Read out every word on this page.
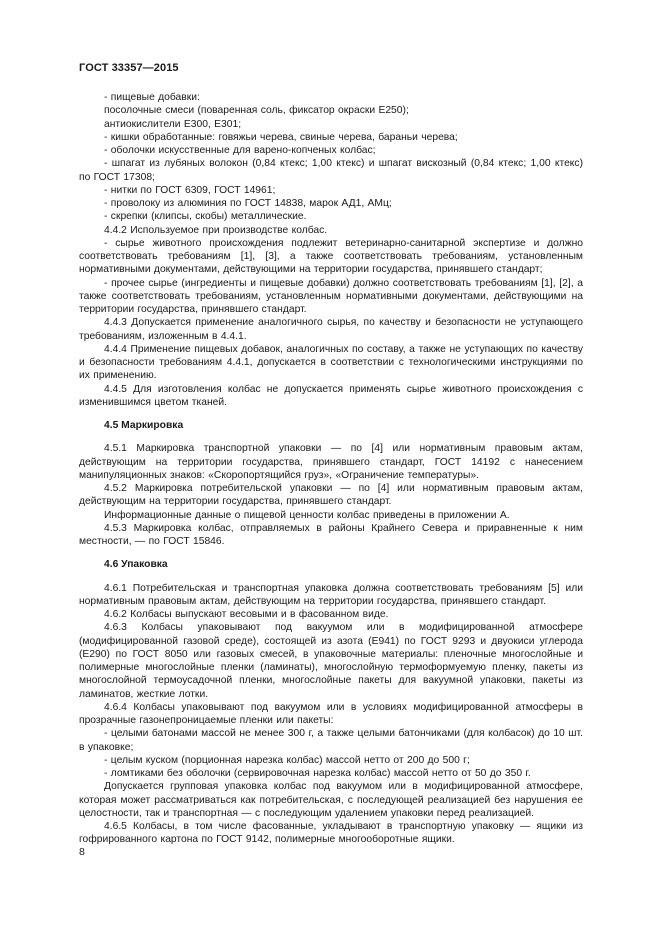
ГОСТ 33357—2015

- пищевые добавки:

посолочные смеси (поваренная соль, фиксатор окраски Е250);

антиокислители Е300, Е301;

- кишки обработанные: говяжьи черева, свиные черева, бараньи черева;

- оболочки искусственные для варено-копченых колбас;

- шпагат из лубяных волокон (0,84 ктекс; 1,00 ктекс) и шпагат вискозный (0,84 ктекс; 1,00 ктекс) по ГОСТ 17308;

- нитки по ГОСТ 6309, ГОСТ 14961;

- проволоку из алюминия по ГОСТ 14838, марок АД1, АМц;

- скрепки (клипсы, скобы) металлические.

4.4.2 Используемое при производстве колбас.

- сырье животного происхождения подлежит ветеринарно-санитарной экспертизе и должно соответствовать требованиям [1], [3], а также соответствовать требованиям, установленным нормативными документами, действующими на территории государства, принявшего стандарт;

- прочее сырье (ингредиенты и пищевые добавки) должно соответствовать требованиям [1], [2], а также соответствовать требованиям, установленным нормативными документами, действующими на территории государства, принявшего стандарт.

4.4.3 Допускается применение аналогичного сырья, по качеству и безопасности не уступающего требованиям, изложенным в 4.4.1.

4.4.4 Применение пищевых добавок, аналогичных по составу, а также не уступающих по качеству и безопасности требованиям 4.4.1, допускается в соответствии с технологическими инструкциями по их применению.

4.4.5 Для изготовления колбас не допускается применять сырье животного происхождения с изменившимся цветом тканей.

4.5 Маркировка

4.5.1 Маркировка транспортной упаковки — по [4] или нормативным правовым актам, действующим на территории государства, принявшего стандарт, ГОСТ 14192 с нанесением манипуляционных знаков: «Скоропортящийся груз», «Ограничение температуры».

4.5.2 Маркировка потребительской упаковки — по [4] или нормативным правовым актам, действующим на территории государства, принявшего стандарт.

Информационные данные о пищевой ценности колбас приведены в приложении А.

4.5.3 Маркировка колбас, отправляемых в районы Крайнего Севера и приравненные к ним местности, — по ГОСТ 15846.

4.6 Упаковка

4.6.1 Потребительская и транспортная упаковка должна соответствовать требованиям [5] или нормативным правовым актам, действующим на территории государства, принявшего стандарт.

4.6.2 Колбасы выпускают весовыми и в фасованном виде.

4.6.3 Колбасы упаковывают под вакуумом или в модифицированной атмосфере (модифицированной газовой среде), состоящей из азота (Е941) по ГОСТ 9293 и двуокиси углерода (Е290) по ГОСТ 8050 или газовых смесей, в упаковочные материалы: пленочные многослойные и полимерные многослойные пленки (ламинаты), многослойную термоформуемую пленку, пакеты из многослойной термоусадочной пленки, многослойные пакеты для вакуумной упаковки, пакеты из ламинатов, жесткие лотки.

4.6.4 Колбасы упаковывают под вакуумом или в условиях модифицированной атмосферы в прозрачные газонепроницаемые пленки или пакеты:

- целыми батонами массой не менее 300 г, а также целыми батончиками (для колбасок) до 10 шт. в упаковке;

- целым куском (порционная нарезка колбас) массой нетто от 200 до 500 г;

- ломтиками без оболочки (сервировочная нарезка колбас) массой нетто от 50 до 350 г.

Допускается групповая упаковка колбас под вакуумом или в модифицированной атмосфере, которая может рассматриваться как потребительская, с последующей реализацией без нарушения ее целостности, так и транспортная — с последующим удалением упаковки перед реализацией.

4.6.5 Колбасы, в том числе фасованные, укладывают в транспортную упаковку — ящики из гофрированного картона по ГОСТ 9142, полимерные многооборотные ящики.

8
